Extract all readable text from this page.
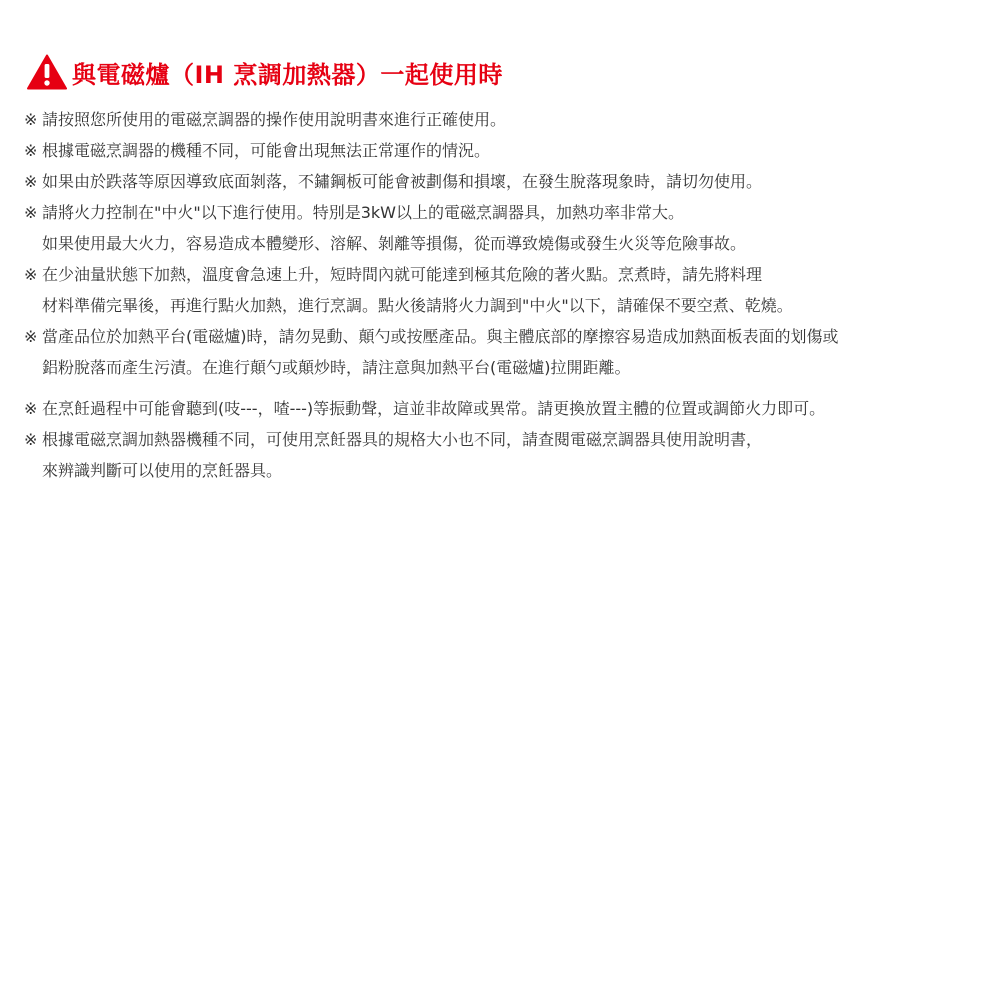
與電磁爐（IH 烹調加熱器）一起使用時
※ 請按照您所使用的電磁烹調器的操作使用說明書來進行正確使用。
※ 根據電磁烹調器的機種不同，可能會出現無法正常運作的情況。
※ 如果由於跌落等原因導致底面剝落，不鏽鋼板可能會被劃傷和損壞，在發生脫落現象時，請切勿使用。
※ 請將火力控制在"中火"以下進行使用。特別是3kW以上的電磁烹調器具，加熱功率非常大。
如果使用最大火力，容易造成本體變形、溶解、剝離等損傷，從而導致燒傷或發生火災等危險事故。
※ 在少油量狀態下加熱，溫度會急速上升，短時間內就可能達到極其危險的著火點。烹煮時，請先將料理
材料準備完畢後，再進行點火加熱，進行烹調。點火後請將火力調到"中火"以下，請確保不要空煮、乾燒。
※ 當產品位於加熱平台(電磁爐)時，請勿晃動、顛勺或按壓產品。與主體底部的摩擦容易造成加熱面板表面的划傷或
鋁粉脫落而產生污漬。在進行顛勺或顛炒時，請注意與加熱平台(電磁爐)拉開距離。
※ 在烹飪過程中可能會聽到(吱---，喳---)等振動聲，這並非故障或異常。請更換放置主體的位置或調節火力即可。
※ 根據電磁烹調加熱器機種不同，可使用烹飪器具的規格大小也不同，請查閱電磁烹調器具使用說明書，
來辨識判斷可以使用的烹飪器具。
